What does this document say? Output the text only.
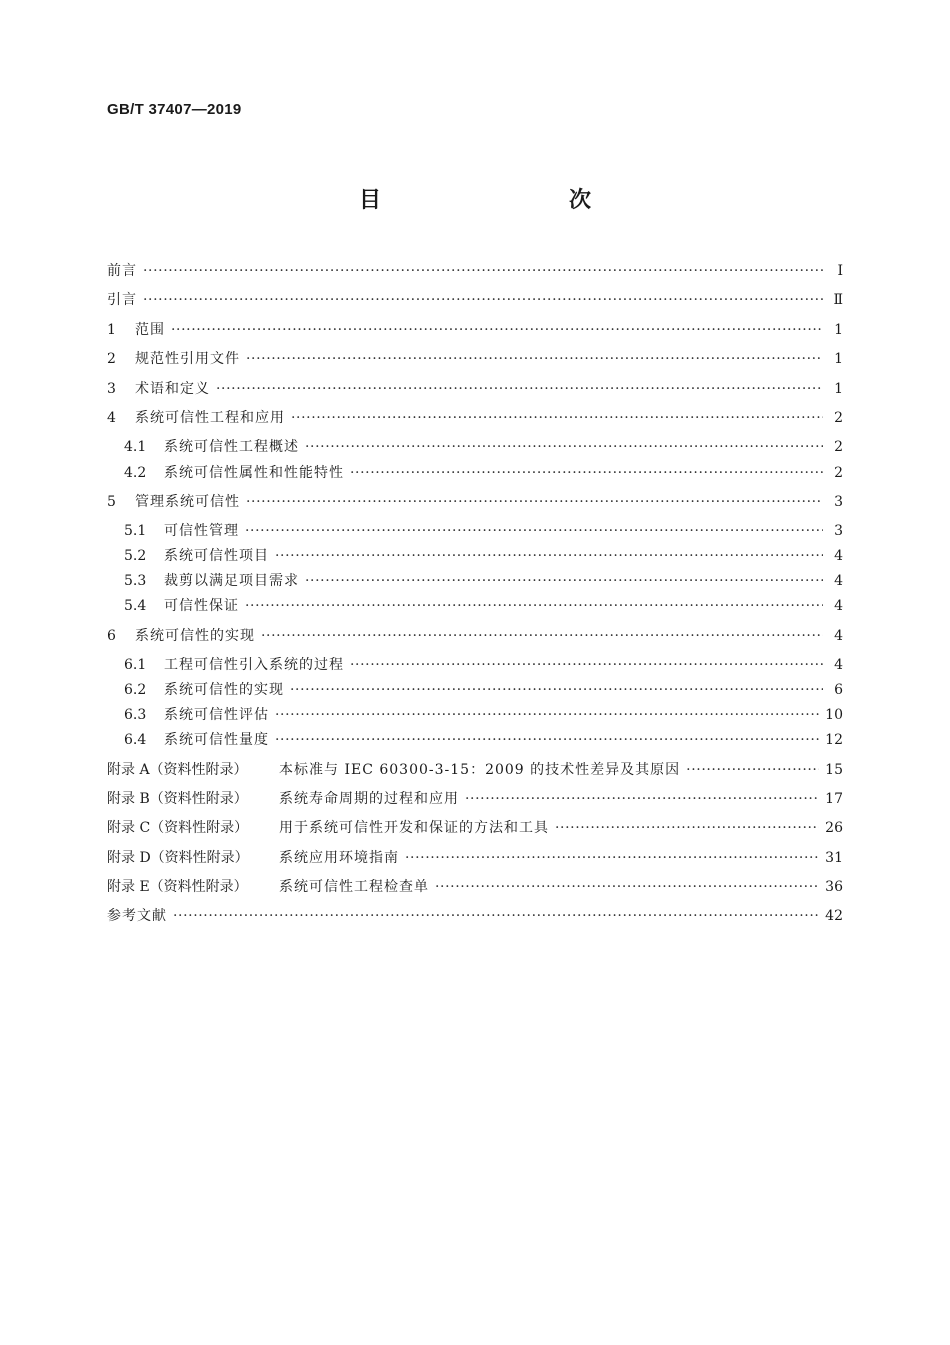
GB/T 37407—2019
目　　次
前言 ·····	Ⅰ
引言 ·····	Ⅱ
1	范围 ·····	1
2	规范性引用文件 ·····	1
3	术语和定义 ·····	1
4	系统可信性工程和应用 ·····	2
4.1	系统可信性工程概述 ·····	2
4.2	系统可信性属性和性能特性 ·····	2
5	管理系统可信性 ·····	3
5.1	可信性管理 ·····	3
5.2	系统可信性项目 ·····	4
5.3	裁剪以满足项目需求 ·····	4
5.4	可信性保证 ·····	4
6	系统可信性的实现 ·····	4
6.1	工程可信性引入系统的过程 ·····	4
6.2	系统可信性的实现 ·····	6
6.3	系统可信性评估 ·····	10
6.4	系统可信性量度 ·····	12
附录 A（资料性附录）	本标准与 IEC 60300-3-15：2009 的技术性差异及其原因 ·····	15
附录 B（资料性附录）	系统寿命周期的过程和应用 ·····	17
附录 C（资料性附录）	用于系统可信性开发和保证的方法和工具 ·····	26
附录 D（资料性附录）	系统应用环境指南 ·····	31
附录 E（资料性附录）	系统可信性工程检查单 ·····	36
参考文献 ·····	42
